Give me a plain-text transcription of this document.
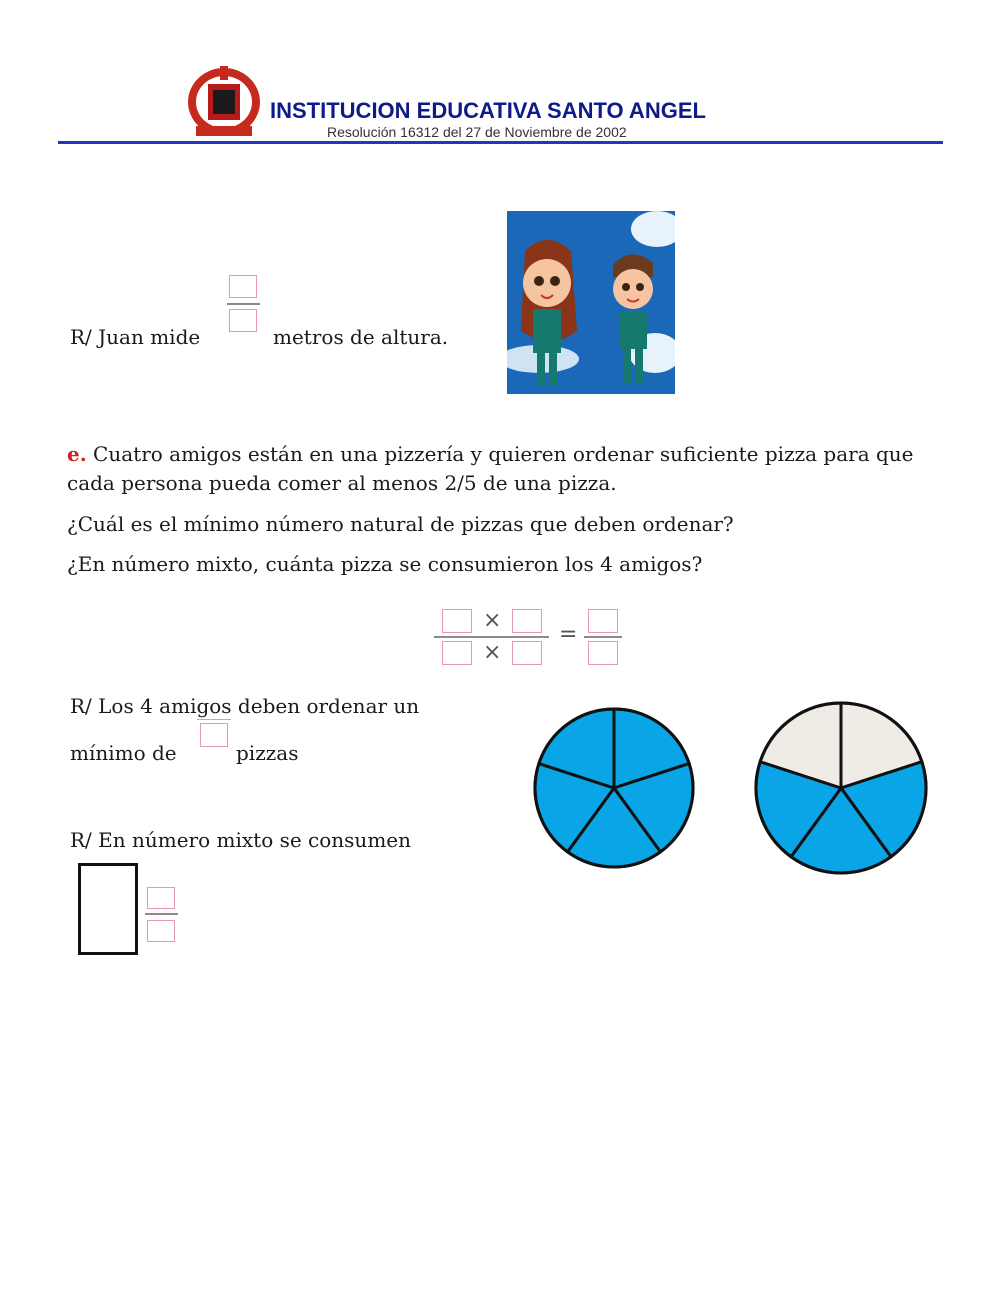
INSTITUCION EDUCATIVA SANTO ANGEL
Resolución 16312 del 27 de Noviembre de 2002
R/ Juan mide	metros de altura.
e. Cuatro amigos están en una pizzería y quieren ordenar suficiente pizza para que
cada persona pueda comer al menos 2/5 de una pizza.
¿Cuál es el mínimo número natural de pizzas que deben ordenar?
¿En número mixto, cuánta pizza se consumieron los 4 amigos?
×
×
=
R/ Los 4 amigos deben ordenar un
mínimo de	pizzas
R/ En número mixto se consumen
